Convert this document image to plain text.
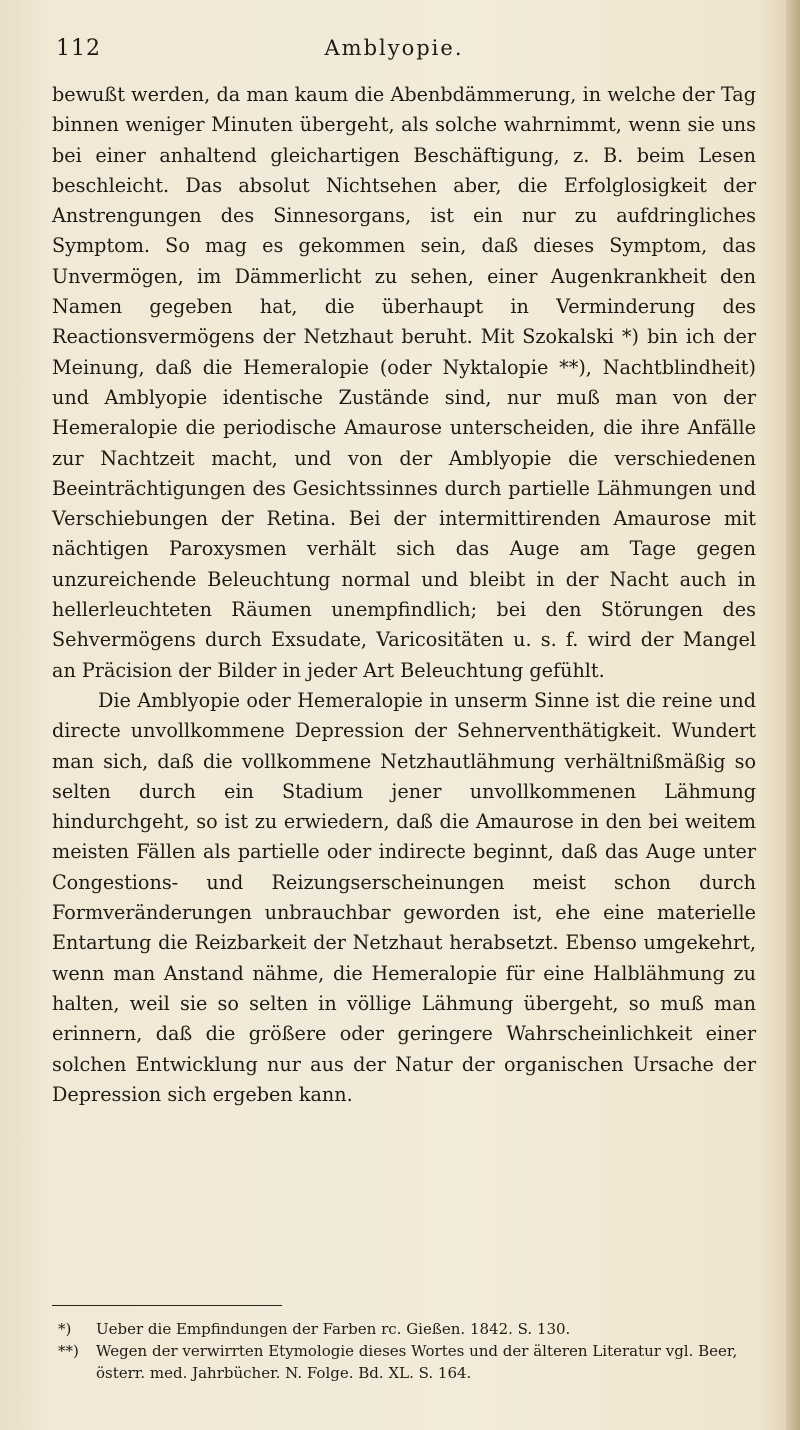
112	Amblyopie.

bewußt werden, da man kaum die Abenbdämmerung, in welche der Tag binnen weniger Minuten übergeht, als solche wahrnimmt, wenn sie uns bei einer anhaltend gleichartigen Beschäftigung, z. B. beim Lesen beschleicht. Das absolut Nichtsehen aber, die Erfolglosigkeit der Anstrengungen des Sinnesorgans, ist ein nur zu aufdringliches Symptom. So mag es gekommen sein, daß dieses Symptom, das Unvermögen, im Dämmerlicht zu sehen, einer Augenkrankheit den Namen gegeben hat, die überhaupt in Verminderung des Reactionsvermögens der Netzhaut beruht. Mit Szokalski *) bin ich der Meinung, daß die Hemeralopie (oder Nyktalopie **), Nachtblindheit) und Amblyopie identische Zustände sind, nur muß man von der Hemeralopie die periodische Amaurose unterscheiden, die ihre Anfälle zur Nachtzeit macht, und von der Amblyopie die verschiedenen Beeinträchtigungen des Gesichtssinnes durch partielle Lähmungen und Verschiebungen der Retina. Bei der intermittirenden Amaurose mit nächtigen Paroxysmen verhält sich das Auge am Tage gegen unzureichende Beleuchtung normal und bleibt in der Nacht auch in hellerleuchteten Räumen unempfindlich; bei den Störungen des Sehvermögens durch Exsudate, Varicositäten u. s. f. wird der Mangel an Präcision der Bilder in jeder Art Beleuchtung gefühlt.

Die Amblyopie oder Hemeralopie in unserm Sinne ist die reine und directe unvollkommene Depression der Sehnerventhätigkeit. Wundert man sich, daß die vollkommene Netzhautlähmung verhältnißmäßig so selten durch ein Stadium jener unvollkommenen Lähmung hindurchgeht, so ist zu erwiedern, daß die Amaurose in den bei weitem meisten Fällen als partielle oder indirecte beginnt, daß das Auge unter Congestions- und Reizungserscheinungen meist schon durch Formveränderungen unbrauchbar geworden ist, ehe eine materielle Entartung die Reizbarkeit der Netzhaut herabsetzt. Ebenso umgekehrt, wenn man Anstand nähme, die Hemeralopie für eine Halblähmung zu halten, weil sie so selten in völlige Lähmung übergeht, so muß man erinnern, daß die größere oder geringere Wahrscheinlichkeit einer solchen Entwicklung nur aus der Natur der organischen Ursache der Depression sich ergeben kann.

*) Ueber die Empfindungen der Farben rc. Gießen. 1842. S. 130.
**) Wegen der verwirrten Etymologie dieses Wortes und der älteren Literatur vgl. Beer, österr. med. Jahrbücher. N. Folge. Bd. XL. S. 164.
